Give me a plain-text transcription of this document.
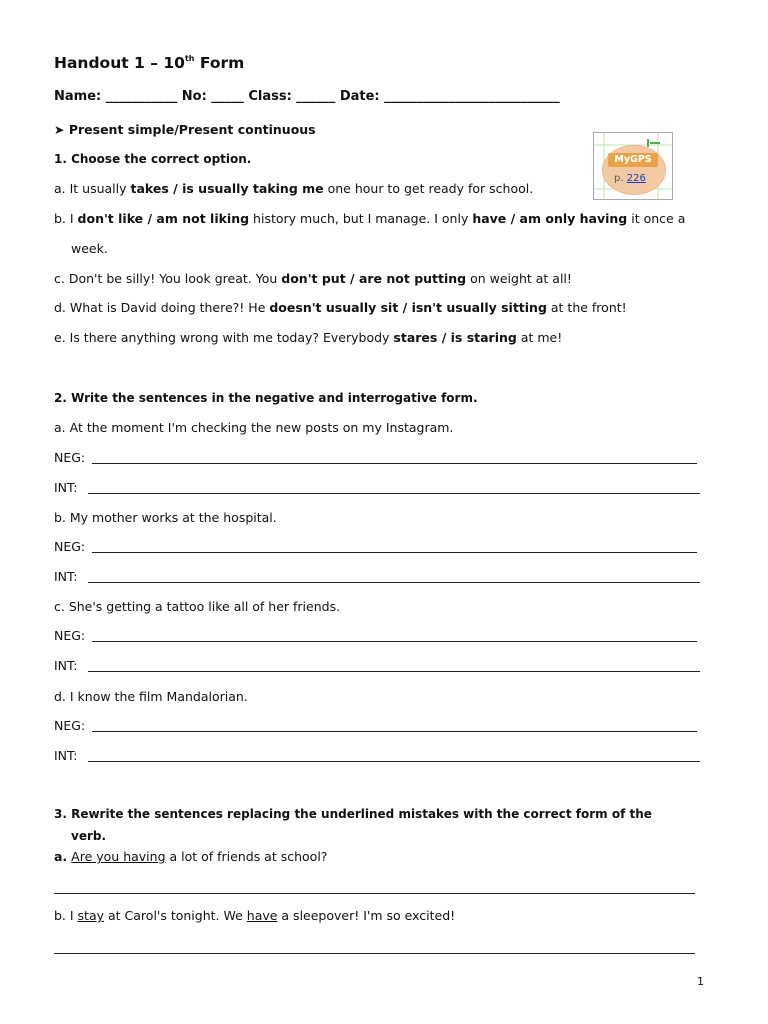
Handout 1 – 10th Form
Name: ___________ No: _____ Class: ______ Date: ___________________________
➤ Present simple/Present continuous
MyGPS
p. 226
1. Choose the correct option.
a. It usually takes / is usually taking me one hour to get ready for school.
b. I don't like / am not liking history much, but I manage. I only have / am only having it once a
week.
c. Don't be silly! You look great. You don't put / are not putting on weight at all!
d. What is David doing there?! He doesn't usually sit / isn't usually sitting at the front!
e. Is there anything wrong with me today? Everybody stares / is staring at me!
2. Write the sentences in the negative and interrogative form.
a. At the moment I'm checking the new posts on my Instagram.
NEG:
INT:
b. My mother works at the hospital.
NEG:
INT:
c. She's getting a tattoo like all of her friends.
NEG:
INT:
d. I know the film Mandalorian.
NEG:
INT:
3. Rewrite the sentences replacing the underlined mistakes with the correct form of the
verb.
a. Are you having a lot of friends at school?
b. I stay at Carol's tonight. We have a sleepover! I'm so excited!
1
